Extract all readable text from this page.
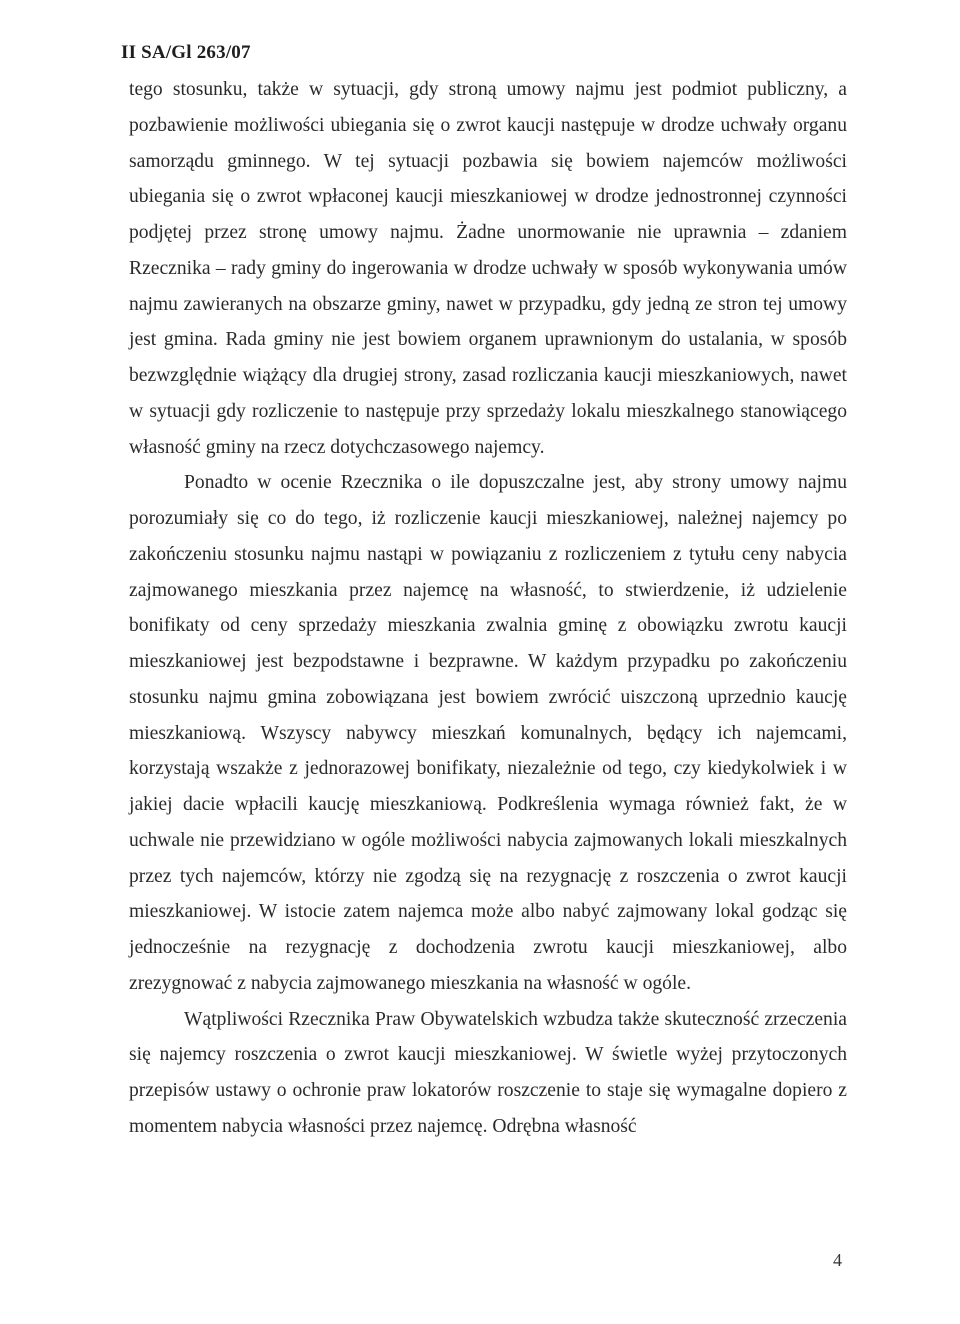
II SA/Gl 263/07

tego stosunku, także w sytuacji, gdy stroną umowy najmu jest podmiot publiczny, a pozbawienie możliwości ubiegania się o zwrot kaucji następuje w drodze uchwały organu samorządu gminnego. W tej sytuacji pozbawia się bowiem najemców możliwości ubiegania się o zwrot wpłaconej kaucji mieszkaniowej w drodze jednostronnej czynności podjętej przez stronę umowy najmu. Żadne unormowanie nie uprawnia – zdaniem Rzecznika – rady gminy do ingerowania w drodze uchwały w sposób wykonywania umów najmu zawieranych na obszarze gminy, nawet w przypadku, gdy jedną ze stron tej umowy jest gmina. Rada gminy nie jest bowiem organem uprawnionym do ustalania, w sposób bezwzględnie wiążący dla drugiej strony, zasad rozliczania kaucji mieszkaniowych, nawet w sytuacji gdy rozliczenie to następuje przy sprzedaży lokalu mieszkalnego stanowiącego własność gminy na rzecz dotychczasowego najemcy.

Ponadto w ocenie Rzecznika o ile dopuszczalne jest, aby strony umowy najmu porozumiały się co do tego, iż rozliczenie kaucji mieszkaniowej, należnej najemcy po zakończeniu stosunku najmu nastąpi w powiązaniu z rozliczeniem z tytułu ceny nabycia zajmowanego mieszkania przez najemcę na własność, to stwierdzenie, iż udzielenie bonifikaty od ceny sprzedaży mieszkania zwalnia gminę z obowiązku zwrotu kaucji mieszkaniowej jest bezpodstawne i bezprawne. W każdym przypadku po zakończeniu stosunku najmu gmina zobowiązana jest bowiem zwrócić uiszczoną uprzednio kaucję mieszkaniową. Wszyscy nabywcy mieszkań komunalnych, będący ich najemcami, korzystają wszakże z jednorazowej bonifikaty, niezależnie od tego, czy kiedykolwiek i w jakiej dacie wpłacili kaucję mieszkaniową. Podkreślenia wymaga również fakt, że w uchwale nie przewidziano w ogóle możliwości nabycia zajmowanych lokali mieszkalnych przez tych najemców, którzy nie zgodzą się na rezygnację z roszczenia o zwrot kaucji mieszkaniowej. W istocie zatem najemca może albo nabyć zajmowany lokal godząc się jednocześnie na rezygnację z dochodzenia zwrotu kaucji mieszkaniowej, albo zrezygnować z nabycia zajmowanego mieszkania na własność w ogóle.

Wątpliwości Rzecznika Praw Obywatelskich wzbudza także skuteczność zrzeczenia się najemcy roszczenia o zwrot kaucji mieszkaniowej. W świetle wyżej przytoczonych przepisów ustawy o ochronie praw lokatorów roszczenie to staje się wymagalne dopiero z momentem nabycia własności przez najemcę. Odrębna własność

4
